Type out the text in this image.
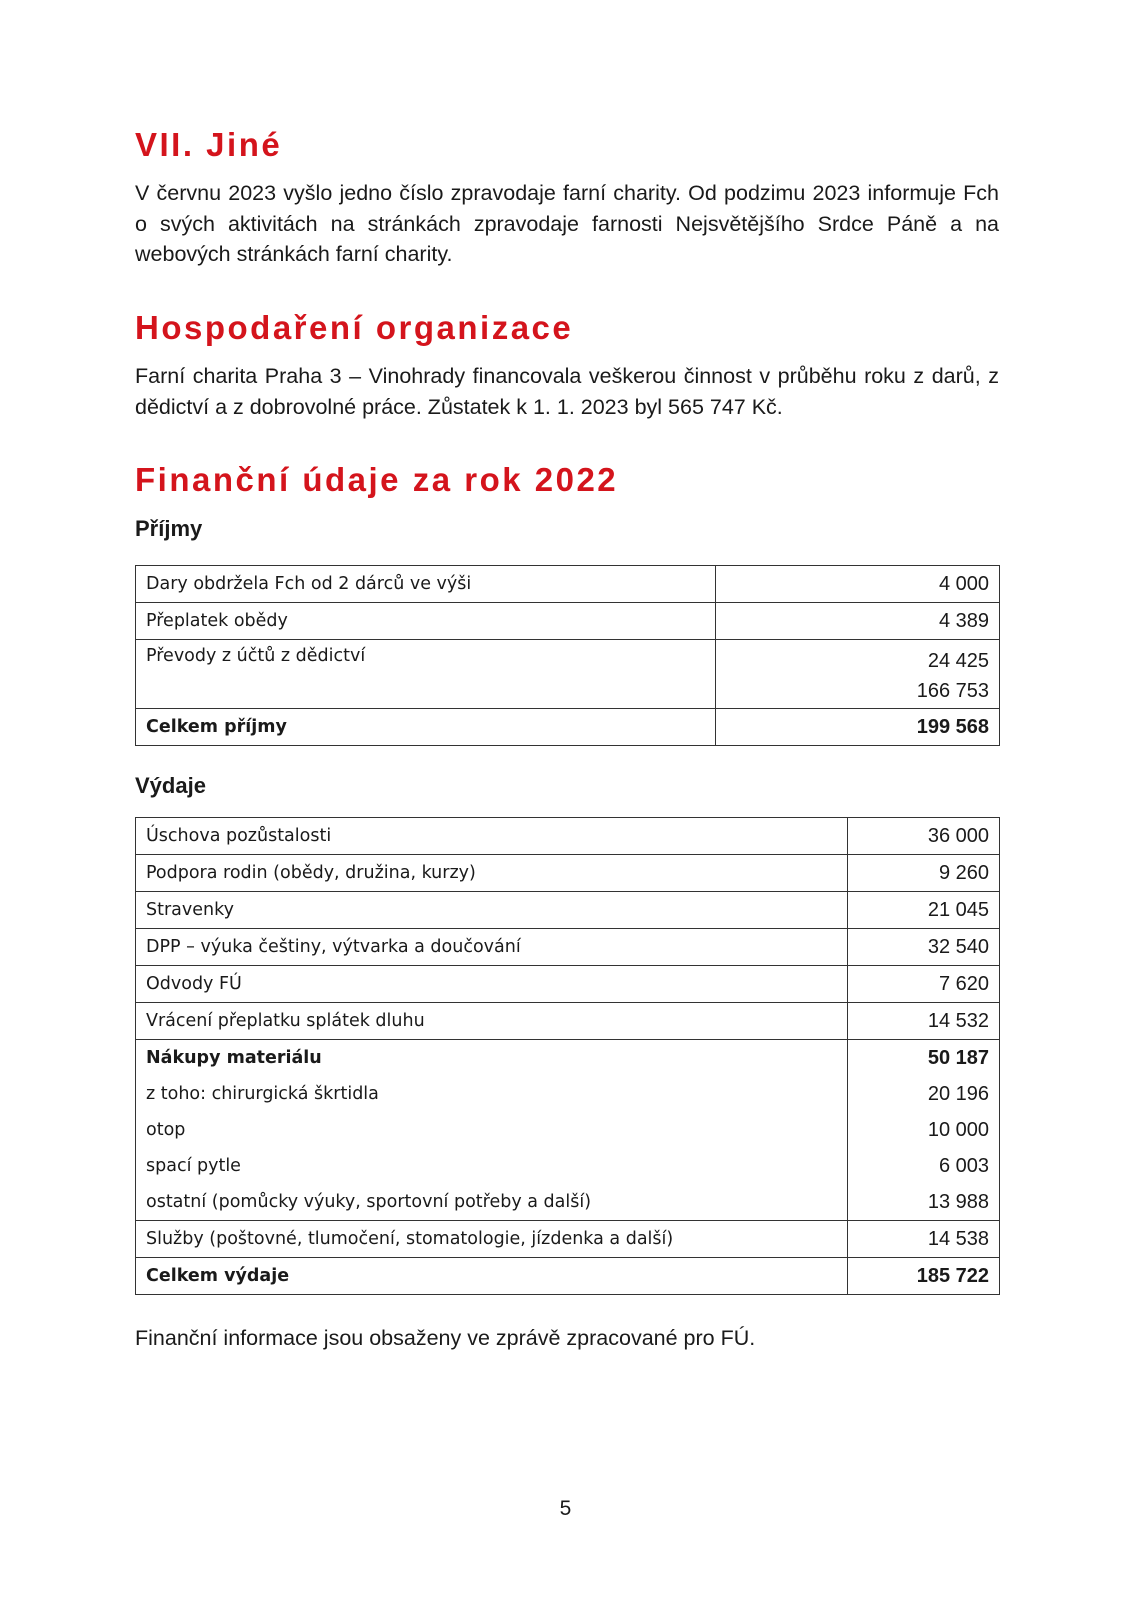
VII. Jiné

V červnu 2023 vyšlo jedno číslo zpravodaje farní charity. Od podzimu 2023 informuje Fch o svých aktivitách na stránkách zpravodaje farnosti Nejsvětějšího Srdce Páně a na webových stránkách farní charity.

Hospodaření organizace

Farní charita Praha 3 – Vinohrady financovala veškerou činnost v průběhu roku z darů, z dědictví a z dobrovolné práce. Zůstatek k 1. 1. 2023 byl 565 747 Kč.

Finanční údaje za rok 2022
Příjmy
Dary obdržela Fch od 2 dárců ve výši	4 000
Přeplatek obědy	4 389
Převody z účtů z dědictví	24 425
166 753

Celkem příjmy	199 568
Výdaje
Úschova pozůstalosti	36 000
Podpora rodin (obědy, družina, kurzy)	9 260
Stravenky	21 045
DPP – výuka češtiny, výtvarka a doučování	32 540
Odvody FÚ	7 620
Vrácení přeplatku splátek dluhu	14 532
Nákupy materiálu	50 187
z toho: chirurgická škrtidla	20 196
otop	10 000
spací pytle	6 003
ostatní (pomůcky výuky, sportovní potřeby a další)	13 988
Služby (poštovné, tlumočení, stomatologie, jízdenka a další)	14 538
Celkem výdaje	185 722

Finanční informace jsou obsaženy ve zprávě zpracované pro FÚ.

5
